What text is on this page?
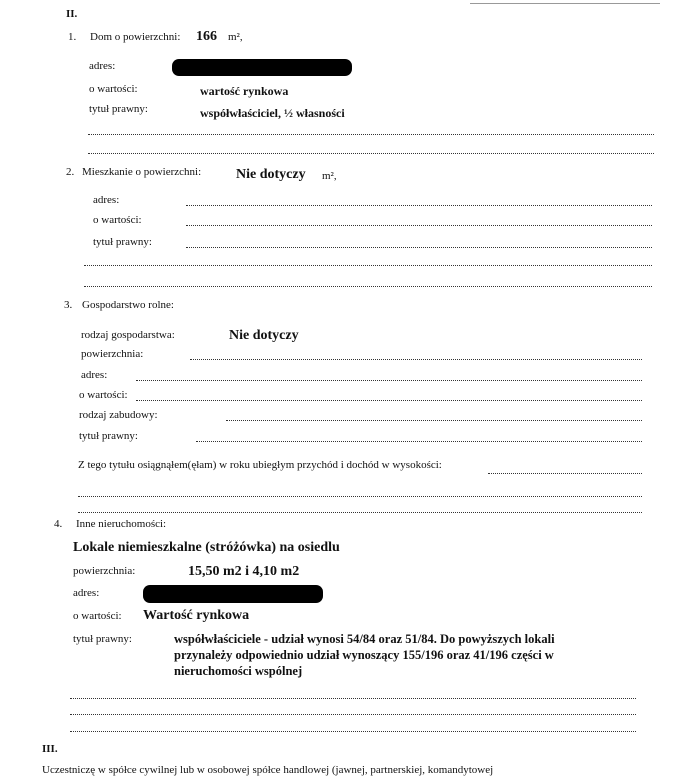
II.
1. Dom o powierzchni: 166 m²,
adres:
o wartości:	wartość rynkowa
tytuł prawny:	współwłaściciel, ½ własności
2. Mieszkanie o powierzchni: Nie dotyczy m²,
adres:
o wartości:
tytuł prawny:
3. Gospodarstwo rolne:
rodzaj gospodarstwa:	Nie dotyczy
powierzchnia:
adres:
o wartości:
rodzaj zabudowy:
tytuł prawny:
Z tego tytułu osiągnąłem(ęłam) w roku ubiegłym przychód i dochód w wysokości:
4. Inne nieruchomości:
Lokale niemieszkalne (stróżówka) na osiedlu
powierzchnia:	15,50 m2 i 4,10 m2
adres:
o wartości: Wartość rynkowa
tytuł prawny:	współwłaściciele - udział wynosi 54/84 oraz 51/84. Do powyższych lokali
przynależy odpowiednio udział wynoszący 155/196 oraz 41/196 części w
nieruchomości wspólnej
III.
Uczestniczę w spółce cywilnej lub w osobowej spółce handlowej (jawnej, partnerskiej, komandytowej
